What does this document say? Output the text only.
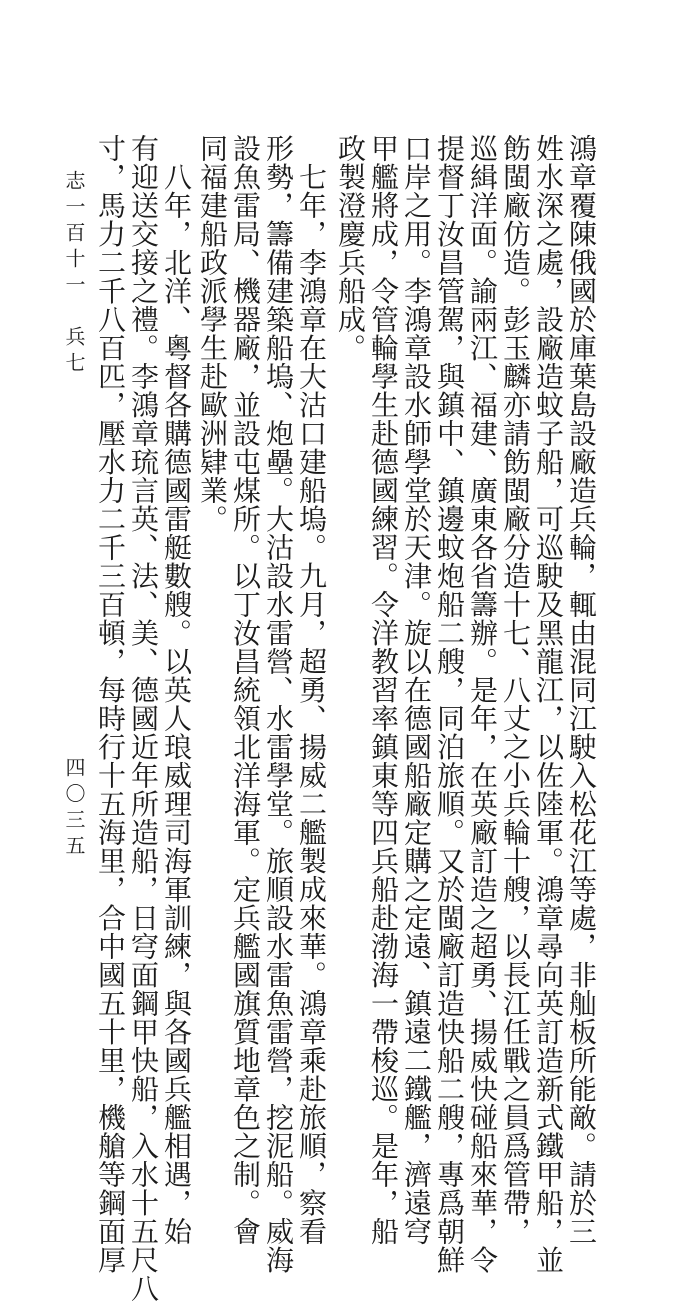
鴻章覆陳俄國於庫葉島設廠造兵輪，輒由混同江駛入松花江等處，非舢板所能敵。請於三
姓水深之處，設廠造蚊子船，可巡駛及黑龍江，以佐陸軍。鴻章尋向英訂造新式鐵甲船，並
飭閩廠仿造。彭玉麟亦請飭閩廠分造十七、八丈之小兵輪十艘，以長江任戰之員爲管帶，
巡緝洋面。諭兩江、福建、廣東各省籌辦。是年，在英廠訂造之超勇、揚威快碰船來華，令
提督丁汝昌管駕，與鎮中、鎮邊蚊炮船二艘，同泊旅順。又於閩廠訂造快船二艘，專爲朝鮮
口岸之用。李鴻章設水師學堂於天津。旋以在德國船廠定購之定遠、鎮遠二鐵艦，濟遠穹
甲艦將成，令管輪學生赴德國練習。令洋教習率鎮東等四兵船赴渤海一帶梭巡。是年，船
政製澄慶兵船成。
　七年，李鴻章在大沽口建船塢。九月，超勇、揚威二艦製成來華。鴻章乘赴旅順，察看
形勢，籌備建築船塢、炮壘。大沽設水雷營、水雷學堂。旅順設水雷魚雷營，挖泥船。威海
設魚雷局、機器廠，並設屯煤所。以丁汝昌統領北洋海軍。定兵艦國旗質地章色之制。會
同福建船政派學生赴歐洲肄業。
　八年，北洋、粵督各購德國雷艇數艘。以英人琅威理司海軍訓練，與各國兵艦相遇，始
有迎送交接之禮。李鴻章琉言英、法、美、德國近年所造船，日穹面鋼甲快船，入水十五尺八
寸，馬力二千八百匹，壓水力二千三百頓，每時行十五海里，合中國五十里，機艙等鋼面厚
志一百十一　兵七
四〇三五
